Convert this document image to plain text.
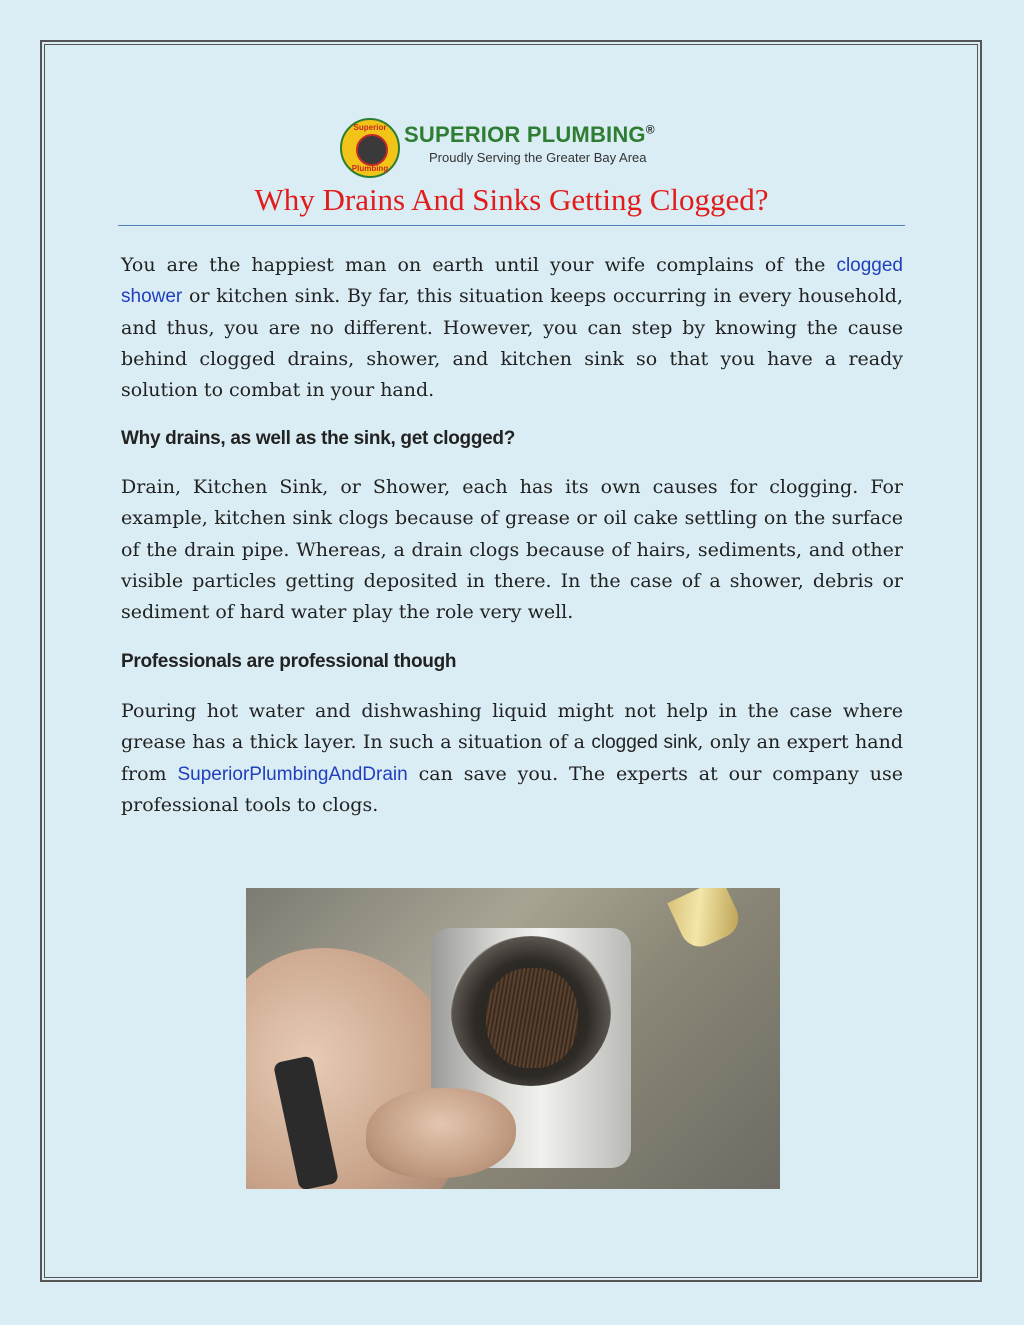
Superior
Plumbing
SUPERIOR PLUMBING®
Proudly Serving the Greater Bay Area
Why Drains And Sinks Getting Clogged?

You are the happiest man on earth until your wife complains of the clogged shower or kitchen sink. By far, this situation keeps occurring in every household, and thus, you are no different. However, you can step by knowing the cause behind clogged drains, shower, and kitchen sink so that you have a ready solution to combat in your hand.

Why drains, as well as the sink, get clogged?

Drain, Kitchen Sink, or Shower, each has its own causes for clogging. For example, kitchen sink clogs because of grease or oil cake settling on the surface of the drain pipe. Whereas, a drain clogs because of hairs, sediments, and other visible particles getting deposited in there. In the case of a shower, debris or sediment of hard water play the role very well.

Professionals are professional though

Pouring hot water and dishwashing liquid might not help in the case where grease has a thick layer. In such a situation of a clogged sink, only an expert hand from SuperiorPlumbingAndDrain can save you. The experts at our company use professional tools to clogs.
